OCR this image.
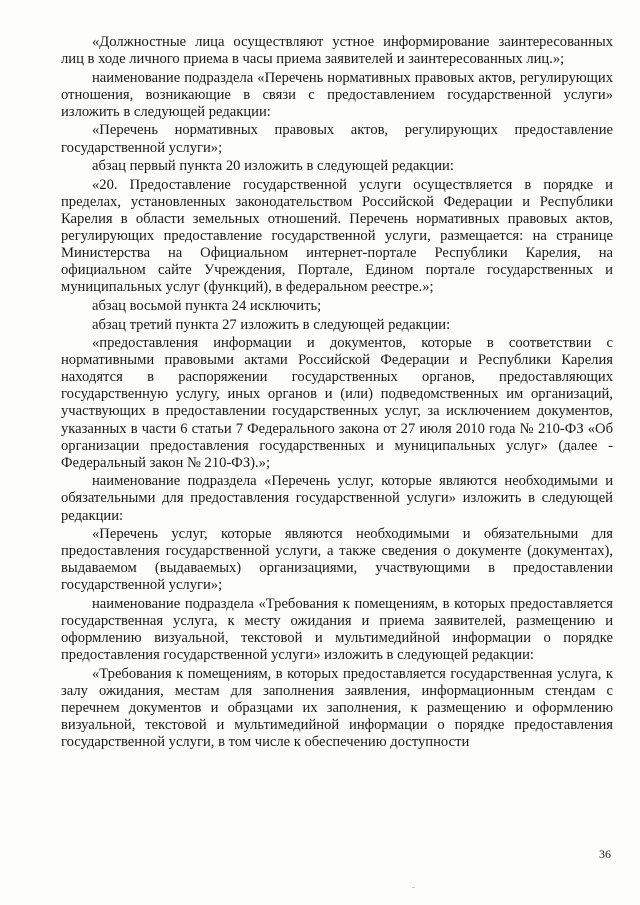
«Должностные лица осуществляют устное информирование заинтересованных лиц в ходе личного приема в часы приема заявителей и заинтересованных лиц.»;

наименование подраздела «Перечень нормативных правовых актов, регулирующих отношения, возникающие в связи с предоставлением государственной услуги» изложить в следующей редакции:

«Перечень нормативных правовых актов, регулирующих предоставление государственной услуги»;

абзац первый пункта 20 изложить в следующей редакции:

«20. Предоставление государственной услуги осуществляется в порядке и пределах, установленных законодательством Российской Федерации и Республики Карелия в области земельных отношений. Перечень нормативных правовых актов, регулирующих предоставление государственной услуги, размещается: на странице Министерства на Официальном интернет-портале Республики Карелия, на официальном сайте Учреждения, Портале, Едином портале государственных и муниципальных услуг (функций), в федеральном реестре.»;

абзац восьмой пункта 24 исключить;

абзац третий пункта 27 изложить в следующей редакции:

«предоставления информации и документов, которые в соответствии с нормативными правовыми актами Российской Федерации и Республики Карелия находятся в распоряжении государственных органов, предоставляющих государственную услугу, иных органов и (или) подведомственных им организаций, участвующих в предоставлении государственных услуг, за исключением документов, указанных в части 6 статьи 7 Федерального закона от 27 июля 2010 года № 210-ФЗ «Об организации предоставления государственных и муниципальных услуг» (далее - Федеральный закон № 210-ФЗ).»;

наименование подраздела «Перечень услуг, которые являются необходимыми и обязательными для предоставления государственной услуги» изложить в следующей редакции:

«Перечень услуг, которые являются необходимыми и обязательными для предоставления государственной услуги, а также сведения о документе (документах), выдаваемом (выдаваемых) организациями, участвующими в предоставлении государственной услуги»;

наименование подраздела «Требования к помещениям, в которых предоставляется государственная услуга, к месту ожидания и приема заявителей, размещению и оформлению визуальной, текстовой и мультимедийной информации о порядке предоставления государственной услуги» изложить в следующей редакции:

«Требования к помещениям, в которых предоставляется государственная услуга, к залу ожидания, местам для заполнения заявления, информационным стендам с перечнем документов и образцами их заполнения, к размещению и оформлению визуальной, текстовой и мультимедийной информации о порядке предоставления государственной услуги, в том числе к обеспечению доступности

36
